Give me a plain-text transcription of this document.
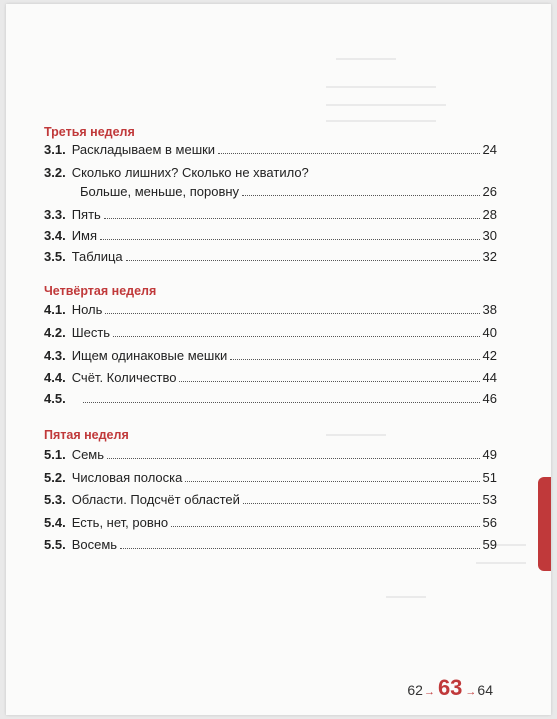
Третья неделя
3.1. Раскладываем в мешки	24
3.2. Сколько лишних? Сколько не хватило?
Больше, меньше, поровну	26
3.3. Пять	28
3.4. Имя	30
3.5. Таблица	32
Четвёртая неделя
4.1. Ноль	38
4.2. Шесть	40
4.3. Ищем одинаковые мешки	42
4.4. Счёт. Количество	44
4.5.	46
Пятая неделя
5.1. Семь	49
5.2. Числовая полоска	51
5.3. Области. Подсчёт областей	53
5.4. Есть, нет, ровно	56
5.5. Восемь	59
62 → 63 → 64
